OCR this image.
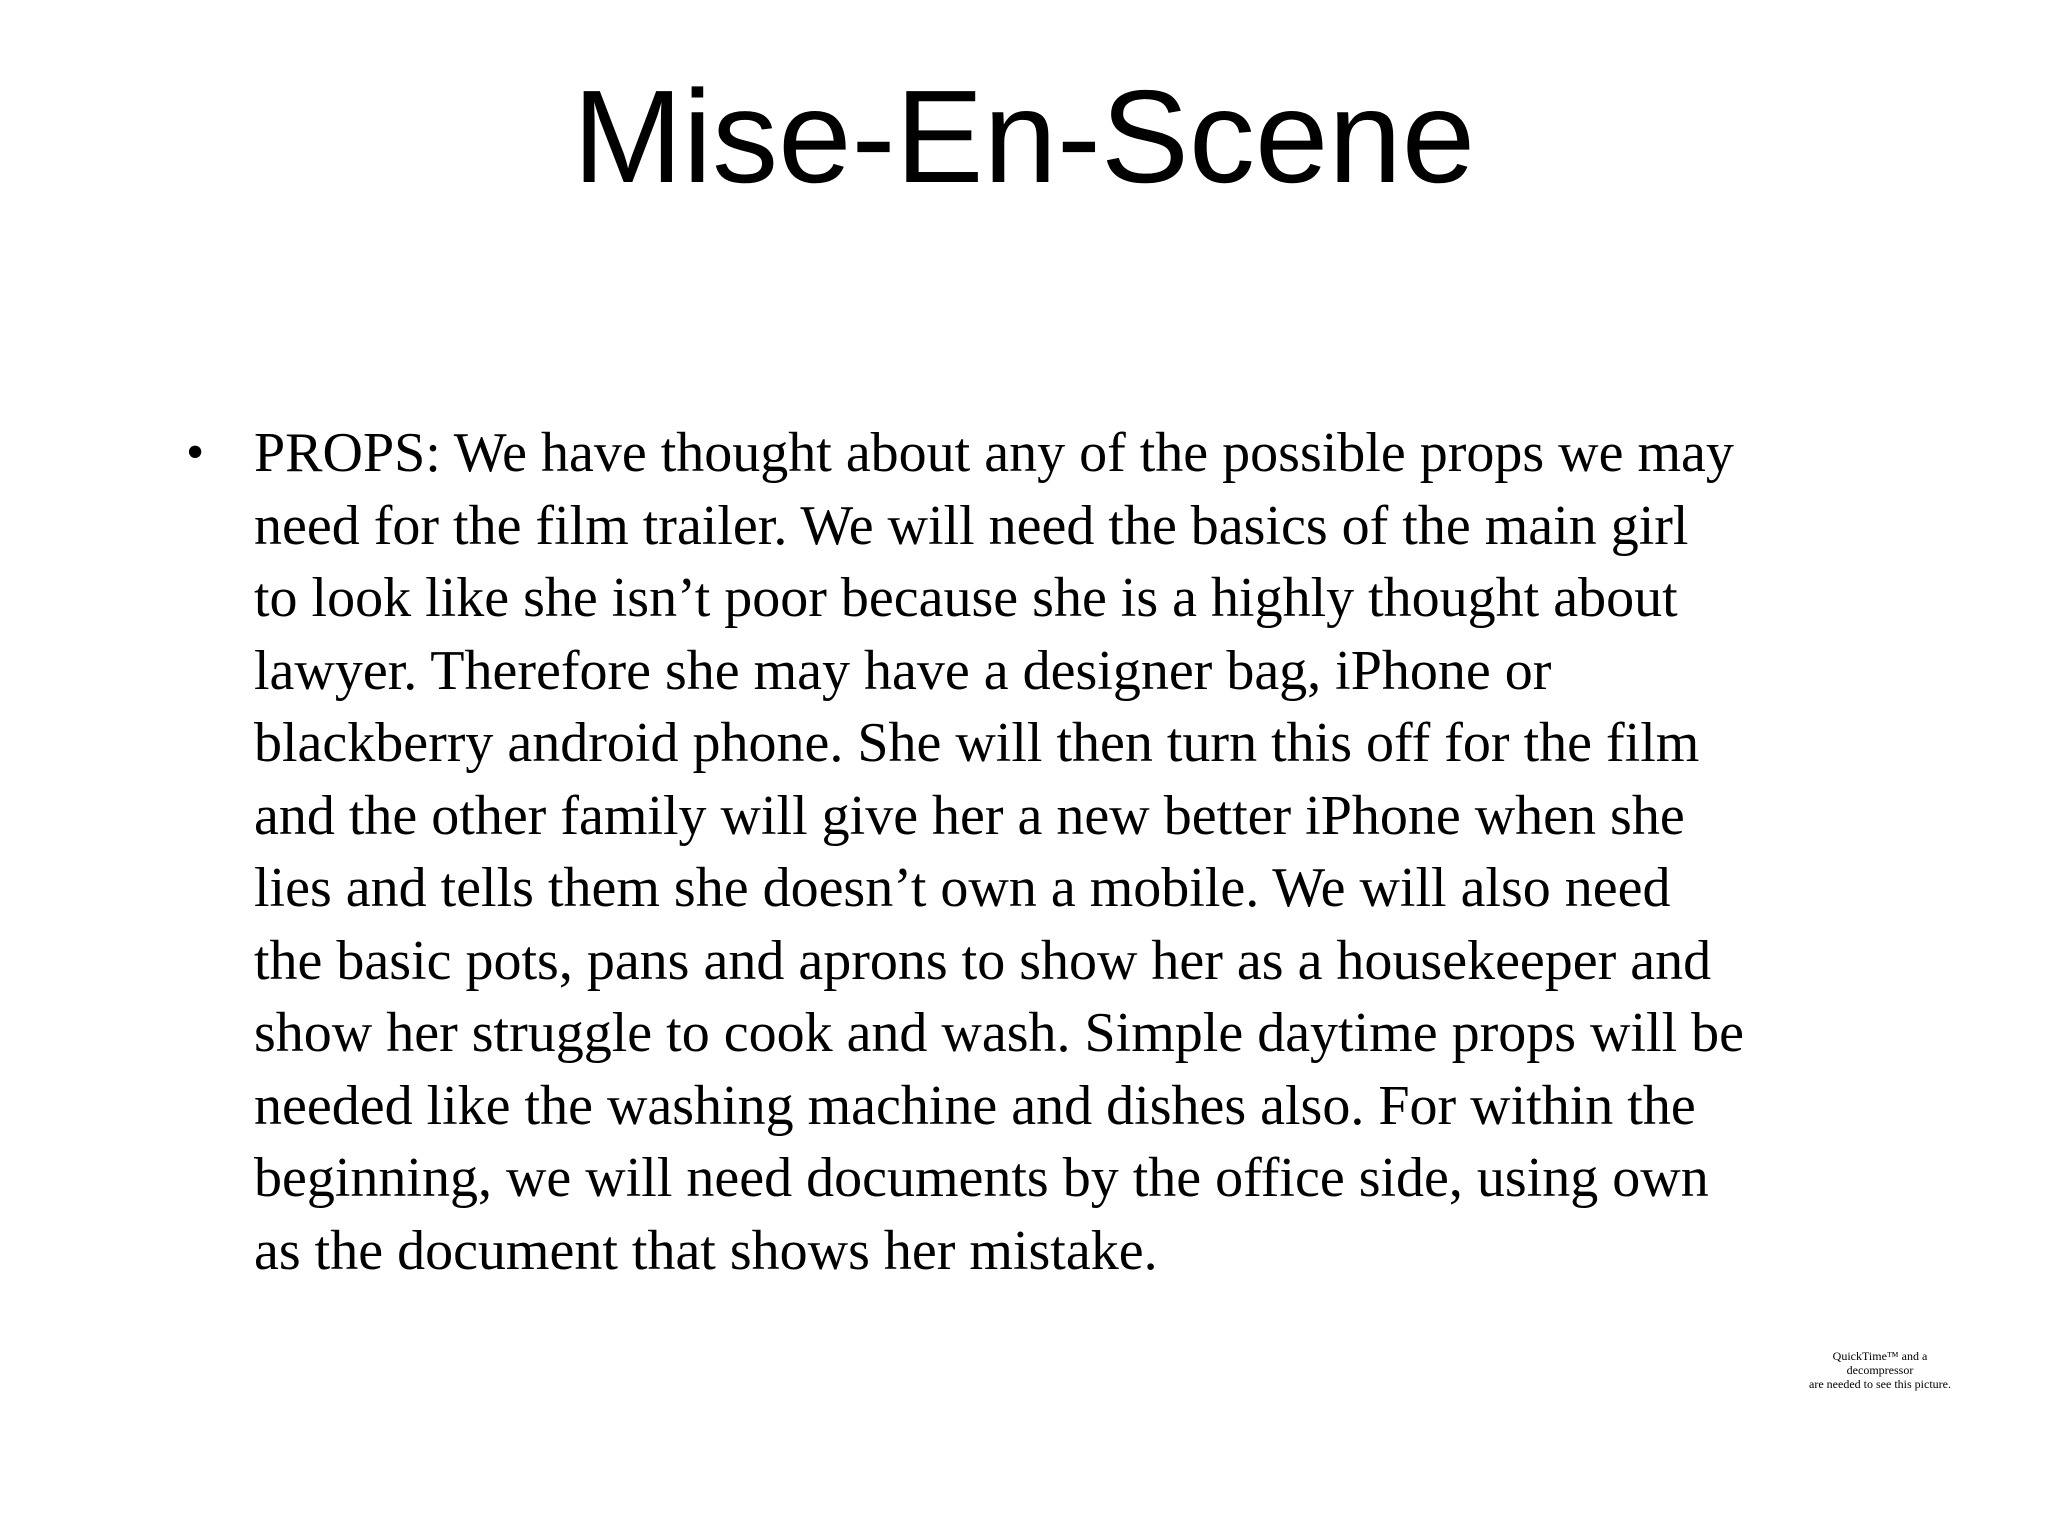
Mise-En-Scene
• PROPS: We have thought about any of the possible props we may
need for the film trailer. We will need the basics of the main girl
to look like she isn’t poor because she is a highly thought about
lawyer. Therefore she may have a designer bag, iPhone or
blackberry android phone. She will then turn this off for the film
and the other family will give her a new better iPhone when she
lies and tells them she doesn’t own a mobile. We will also need
the basic pots, pans and aprons to show her as a housekeeper and
show her struggle to cook and wash. Simple daytime props will be
needed like the washing machine and dishes also. For within the
beginning, we will need documents by the office side, using own
as the document that shows her mistake.
QuickTime™ and a
decompressor
are needed to see this picture.
